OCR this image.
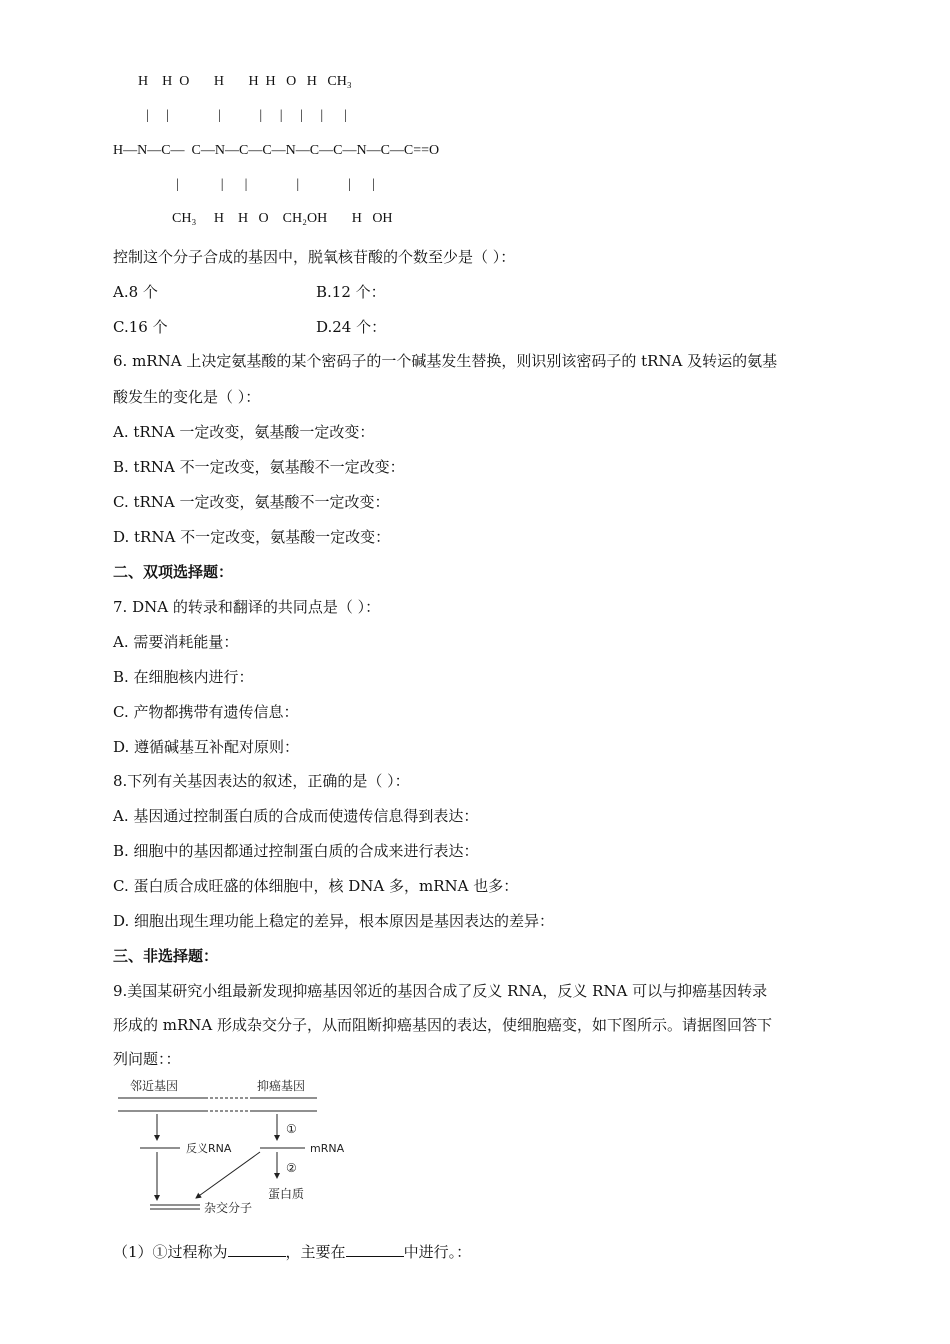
H    H  O       H       H  H   O   H   CH₃
|     |              |           |     |     |     |      |
H—N—C—  C—N—C—C—N—C—C—N—C—C==O
|            |      |              |              |      |
CH₃     H    H   O    CH₂OH       H   OH
控制这个分子合成的基因中，脱氧核苷酸的个数至少是（ ）：
A.8 个	B.12 个：
C.16 个	D.24 个：
6. mRNA 上决定氨基酸的某个密码子的一个碱基发生替换，则识别该密码子的 tRNA 及转运的氨基
酸发生的变化是（ ）：
A. tRNA 一定改变，氨基酸一定改变：
B. tRNA 不一定改变，氨基酸不一定改变：
C. tRNA 一定改变，氨基酸不一定改变：
D. tRNA 不一定改变，氨基酸一定改变：
二、双项选择题：
7. DNA 的转录和翻译的共同点是（ ）：
A. 需要消耗能量：
B. 在细胞核内进行：
C. 产物都携带有遗传信息：
D. 遵循碱基互补配对原则：
8.下列有关基因表达的叙述，正确的是（ ）：
A. 基因通过控制蛋白质的合成而使遗传信息得到表达：
B. 细胞中的基因都通过控制蛋白质的合成来进行表达：
C. 蛋白质合成旺盛的体细胞中，核 DNA 多，mRNA 也多：
D. 细胞出现生理功能上稳定的差异，根本原因是基因表达的差异：
三、非选择题：
9.美国某研究小组最新发现抑癌基因邻近的基因合成了反义 RNA，反义 RNA 可以与抑癌基因转录
形成的 mRNA 形成杂交分子，从而阻断抑癌基因的表达，使细胞癌变，如下图所示。请据图回答下
列问题：：
邻近基因	抑癌基因
反义RNA
①
mRNA
②
蛋白质
杂交分子
（1）①过程称为	，主要在	中进行。：
